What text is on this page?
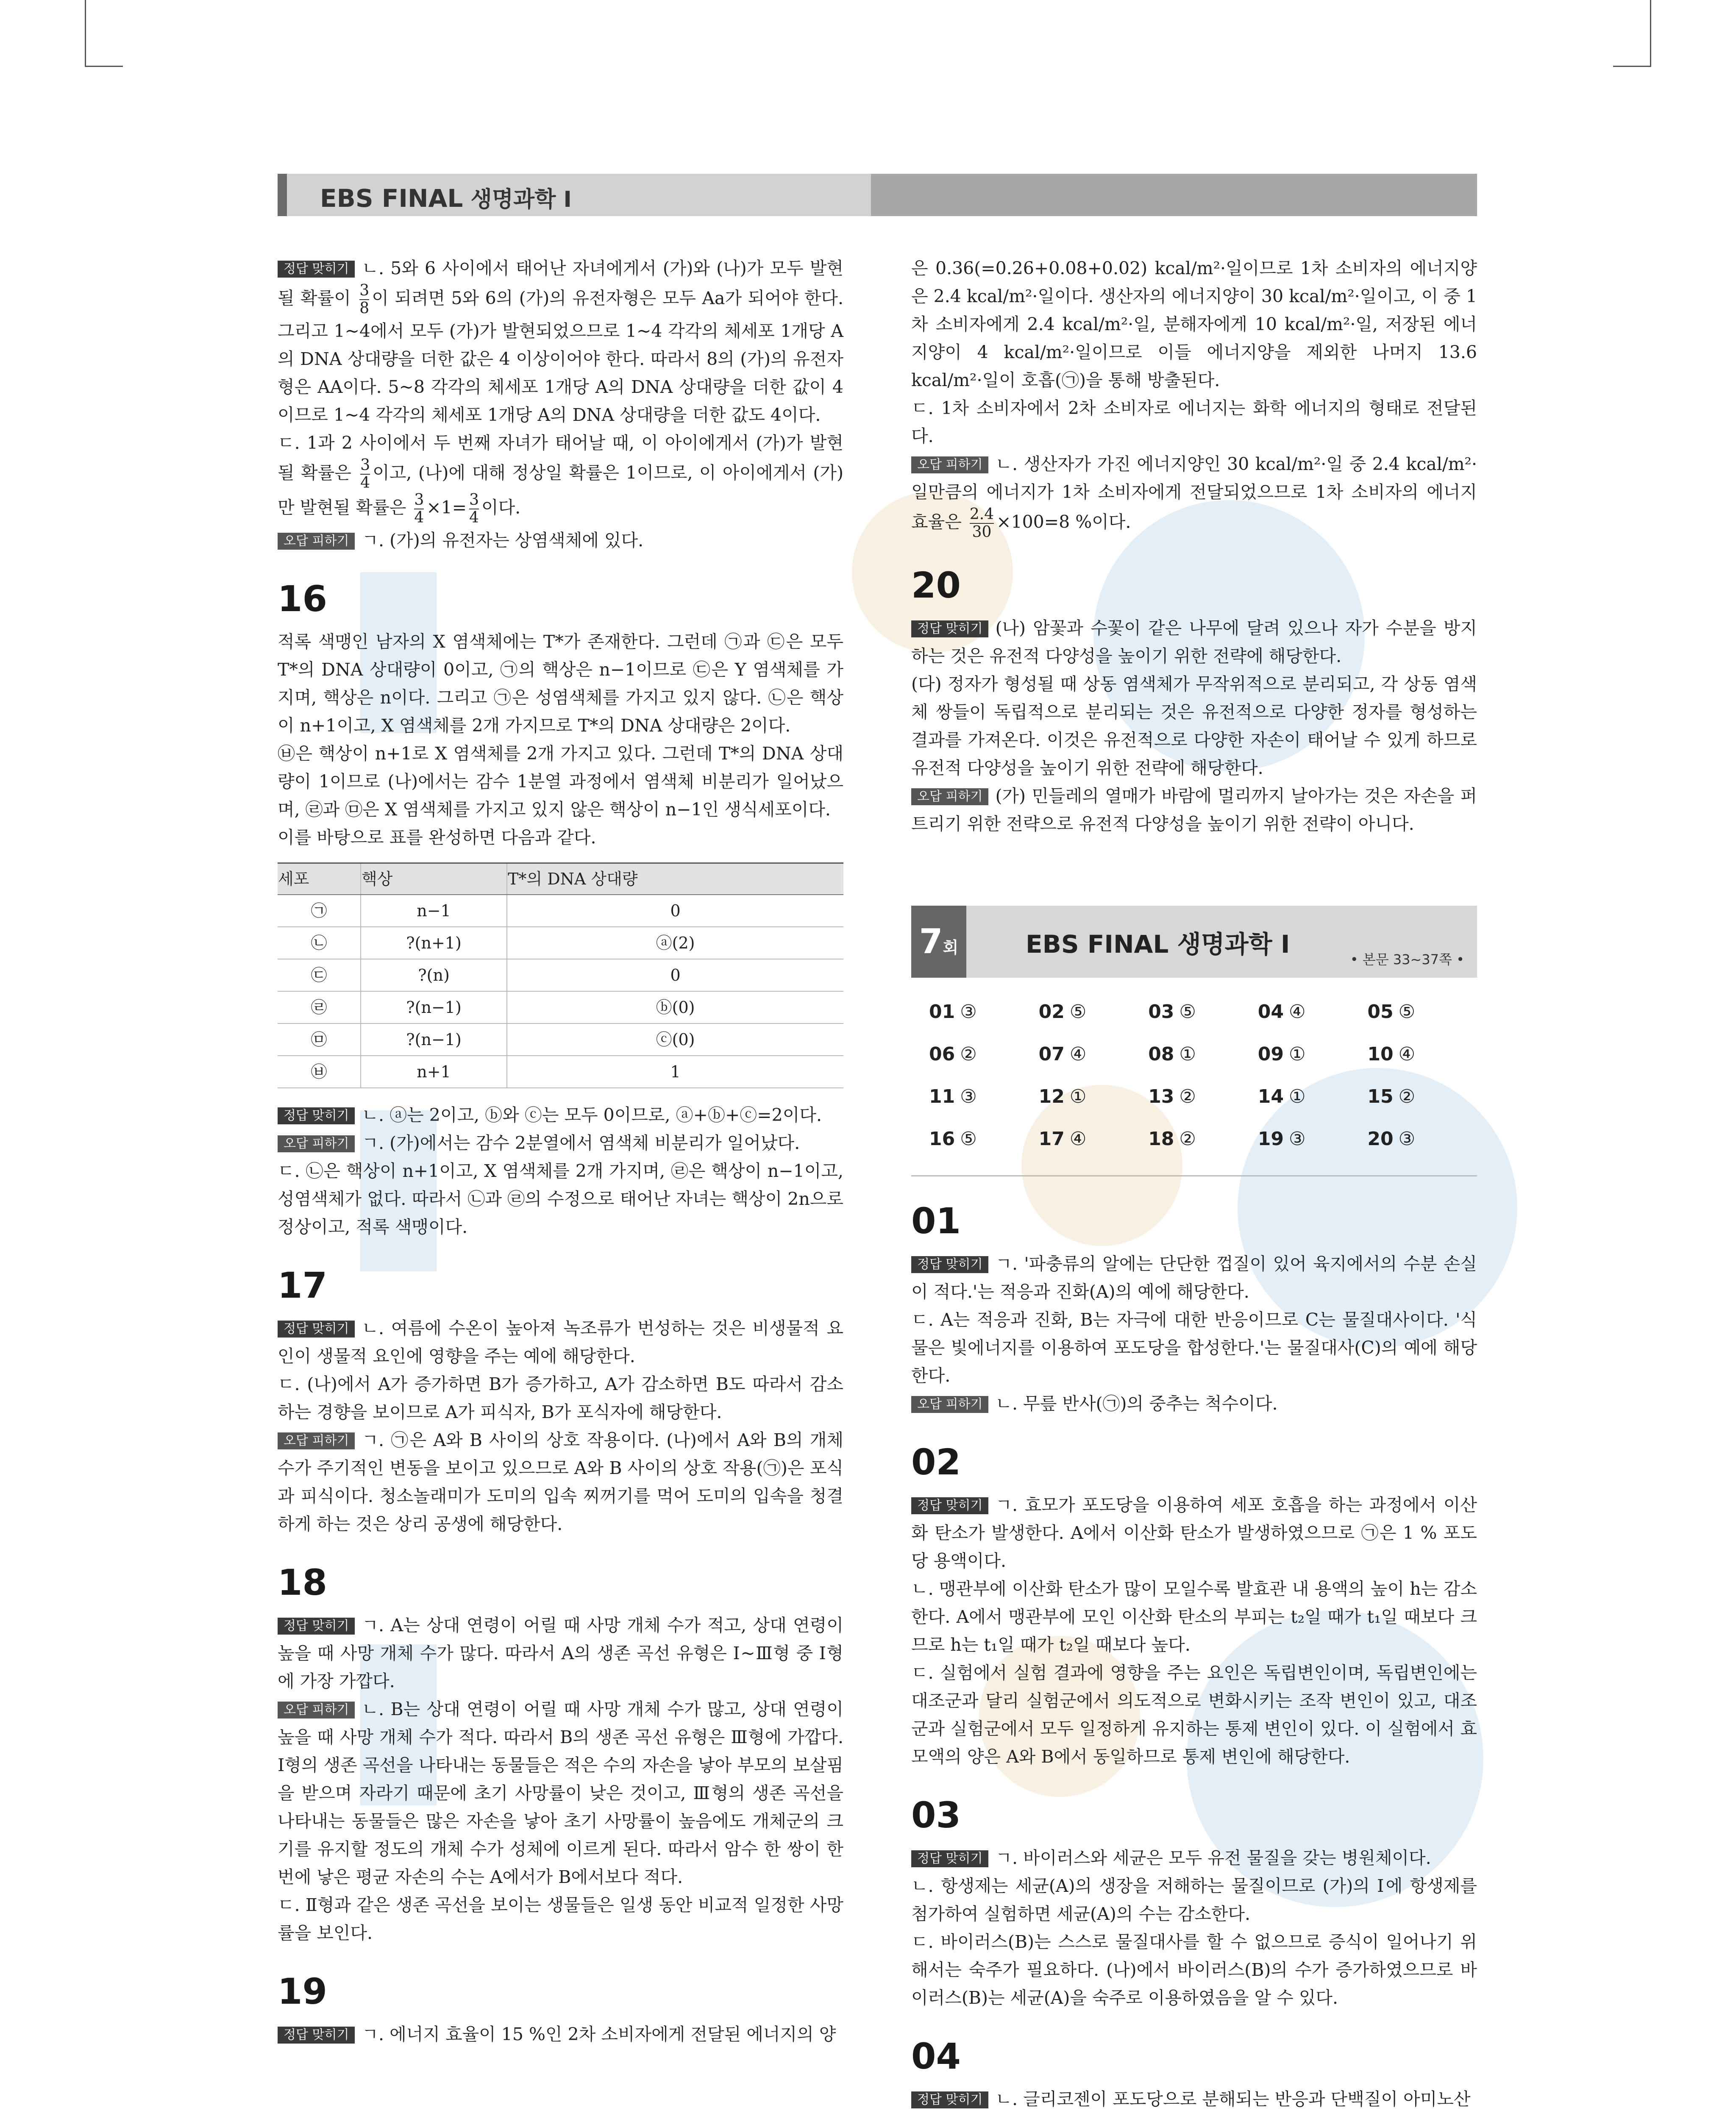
EBS FINAL 생명과학 Ⅰ

정답 맞히기 ㄴ. 5와 6 사이에서 태어난 자녀에게서 (가)와 (나)가 모두 발현될 확률이 $\frac{3}{8}$ 이 되려면 5와 6의 (가)의 유전자형은 모두 Aa가 되어야 한다. 그리고 1~4에서 모두 (가)가 발현되었으므로 1~4 각각의 체세포 1개당 A의 DNA 상대량을 더한 값은 4 이상이어야 한다. 따라서 8의 (가)의 유전자형은 AA이다. 5~8 각각의 체세포 1개당 A의 DNA 상대량을 더한 값이 4이므로 1~4 각각의 체세포 1개당 A의 DNA 상대량을 더한 값도 4이다.

ㄷ. 1과 2 사이에서 두 번째 자녀가 태어날 때, 이 아이에게서 (가)가 발현될 확률은 $\frac{3}{4}$ 이고, (나)에 대해 정상일 확률은 1이므로, 이 아이에게서 (가)만 발현될 확률은 $\frac{3}{4} \times 1= \frac{3}{4}$ 이다.

오답 피하기 ㄱ. (가)의 유전자는 상염색체에 있다.

16

적록 색맹인 남자의 X 염색체에는 T*가 존재한다. 그런데 ㉠과 ㉢은 모두 T*의 DNA 상대량이 0이고, ㉠의 핵상은 n−1이므로 ㉢은 Y 염색체를 가지며, 핵상은 n이다. 그리고 ㉠은 성염색체를 가지고 있지 않다. ㉡은 핵상이 n+1이고, X 염색체를 2개 가지므로 T*의 DNA 상대량은 2이다.

㉥은 핵상이 n+1로 X 염색체를 2개 가지고 있다. 그런데 T*의 DNA 상대량이 1이므로 (나)에서는 감수 1분열 과정에서 염색체 비분리가 일어났으며, ㉣과 ㉤은 X 염색체를 가지고 있지 않은 핵상이 n−1인 생식세포이다.

이를 바탕으로 표를 완성하면 다음과 같다.

세포	핵상	T*의 DNA 상대량
㉠	n−1	0
㉡	?(n+1)	ⓐ(2)
㉢	?(n)	0
㉣	?(n−1)	ⓑ(0)
㉤	?(n−1)	ⓒ(0)
㉥	n+1	1

정답 맞히기 ㄴ. ⓐ는 2이고, ⓑ와 ⓒ는 모두 0이므로, ⓐ+ⓑ+ⓒ=2이다.

오답 피하기 ㄱ. (가)에서는 감수 2분열에서 염색체 비분리가 일어났다.

ㄷ. ㉡은 핵상이 n+1이고, X 염색체를 2개 가지며, ㉣은 핵상이 n−1이고, 성염색체가 없다. 따라서 ㉡과 ㉣의 수정으로 태어난 자녀는 핵상이 2n으로 정상이고, 적록 색맹이다.

17

정답 맞히기 ㄴ. 여름에 수온이 높아져 녹조류가 번성하는 것은 비생물적 요인이 생물적 요인에 영향을 주는 예에 해당한다.

ㄷ. (나)에서 A가 증가하면 B가 증가하고, A가 감소하면 B도 따라서 감소하는 경향을 보이므로 A가 피식자, B가 포식자에 해당한다.

오답 피하기 ㄱ. ㉠은 A와 B 사이의 상호 작용이다. (나)에서 A와 B의 개체 수가 주기적인 변동을 보이고 있으므로 A와 B 사이의 상호 작용(㉠)은 포식과 피식이다. 청소놀래미가 도미의 입속 찌꺼기를 먹어 도미의 입속을 청결하게 하는 것은 상리 공생에 해당한다.

18

정답 맞히기 ㄱ. A는 상대 연령이 어릴 때 사망 개체 수가 적고, 상대 연령이 높을 때 사망 개체 수가 많다. 따라서 A의 생존 곡선 유형은 Ⅰ~Ⅲ형 중 Ⅰ형에 가장 가깝다.

오답 피하기 ㄴ. B는 상대 연령이 어릴 때 사망 개체 수가 많고, 상대 연령이 높을 때 사망 개체 수가 적다. 따라서 B의 생존 곡선 유형은 Ⅲ형에 가깝다. Ⅰ형의 생존 곡선을 나타내는 동물들은 적은 수의 자손을 낳아 부모의 보살핌을 받으며 자라기 때문에 초기 사망률이 낮은 것이고, Ⅲ형의 생존 곡선을 나타내는 동물들은 많은 자손을 낳아 초기 사망률이 높음에도 개체군의 크기를 유지할 정도의 개체 수가 성체에 이르게 된다. 따라서 암수 한 쌍이 한 번에 낳은 평균 자손의 수는 A에서가 B에서보다 적다.

ㄷ. Ⅱ형과 같은 생존 곡선을 보이는 생물들은 일생 동안 비교적 일정한 사망률을 보인다.

19

정답 맞히기 ㄱ. 에너지 효율이 15 %인 2차 소비자에게 전달된 에너지의 양

은 0.36(=0.26+0.08+0.02) kcal/m²·일이므로 1차 소비자의 에너지양은 2.4 kcal/m²·일이다. 생산자의 에너지양이 30 kcal/m²·일이고, 이 중 1차 소비자에게 2.4 kcal/m²·일, 분해자에게 10 kcal/m²·일, 저장된 에너지양이 4 kcal/m²·일이므로 이들 에너지양을 제외한 나머지 13.6 kcal/m²·일이 호흡(㉠)을 통해 방출된다.

ㄷ. 1차 소비자에서 2차 소비자로 에너지는 화학 에너지의 형태로 전달된다.

오답 피하기 ㄴ. 생산자가 가진 에너지양인 30 kcal/m²·일 중 2.4 kcal/m²·일만큼의 에너지가 1차 소비자에게 전달되었으므로 1차 소비자의 에너지 효율은 $\frac{2.4}{30} \times 100=8$ %이다.

20

정답 맞히기 (나) 암꽃과 수꽃이 같은 나무에 달려 있으나 자가 수분을 방지하는 것은 유전적 다양성을 높이기 위한 전략에 해당한다.

(다) 정자가 형성될 때 상동 염색체가 무작위적으로 분리되고, 각 상동 염색체 쌍들이 독립적으로 분리되는 것은 유전적으로 다양한 정자를 형성하는 결과를 가져온다. 이것은 유전적으로 다양한 자손이 태어날 수 있게 하므로 유전적 다양성을 높이기 위한 전략에 해당한다.

오답 피하기 (가) 민들레의 열매가 바람에 멀리까지 날아가는 것은 자손을 퍼트리기 위한 전략으로 유전적 다양성을 높이기 위한 전략이 아니다.

7회	EBS FINAL 생명과학 Ⅰ
• 본문 33~37쪽 •
01 ③	02 ⑤	03 ⑤	04 ④	05 ⑤
06 ②	07 ④	08 ①	09 ①	10 ④
11 ③	12 ①	13 ②	14 ①	15 ②
16 ⑤	17 ④	18 ②	19 ③	20 ③
01

정답 맞히기 ㄱ. '파충류의 알에는 단단한 껍질이 있어 육지에서의 수분 손실이 적다.'는 적응과 진화(A)의 예에 해당한다.

ㄷ. A는 적응과 진화, B는 자극에 대한 반응이므로 C는 물질대사이다. '식물은 빛에너지를 이용하여 포도당을 합성한다.'는 물질대사(C)의 예에 해당한다.

오답 피하기 ㄴ. 무릎 반사(㉠)의 중추는 척수이다.

02

정답 맞히기 ㄱ. 효모가 포도당을 이용하여 세포 호흡을 하는 과정에서 이산화 탄소가 발생한다. A에서 이산화 탄소가 발생하였으므로 ㉠은 1 % 포도당 용액이다.

ㄴ. 맹관부에 이산화 탄소가 많이 모일수록 발효관 내 용액의 높이 h는 감소한다. A에서 맹관부에 모인 이산화 탄소의 부피는 t₂일 때가 t₁일 때보다 크므로 h는 t₁일 때가 t₂일 때보다 높다.

ㄷ. 실험에서 실험 결과에 영향을 주는 요인은 독립변인이며, 독립변인에는 대조군과 달리 실험군에서 의도적으로 변화시키는 조작 변인이 있고, 대조군과 실험군에서 모두 일정하게 유지하는 통제 변인이 있다. 이 실험에서 효모액의 양은 A와 B에서 동일하므로 통제 변인에 해당한다.

03

정답 맞히기 ㄱ. 바이러스와 세균은 모두 유전 물질을 갖는 병원체이다.

ㄴ. 항생제는 세균(A)의 생장을 저해하는 물질이므로 (가)의 Ⅰ에 항생제를 첨가하여 실험하면 세균(A)의 수는 감소한다.

ㄷ. 바이러스(B)는 스스로 물질대사를 할 수 없으므로 증식이 일어나기 위해서는 숙주가 필요하다. (나)에서 바이러스(B)의 수가 증가하였으므로 바이러스(B)는 세균(A)을 숙주로 이용하였음을 알 수 있다.

04

정답 맞히기 ㄴ. 글리코젠이 포도당으로 분해되는 반응과 단백질이 아미노산
